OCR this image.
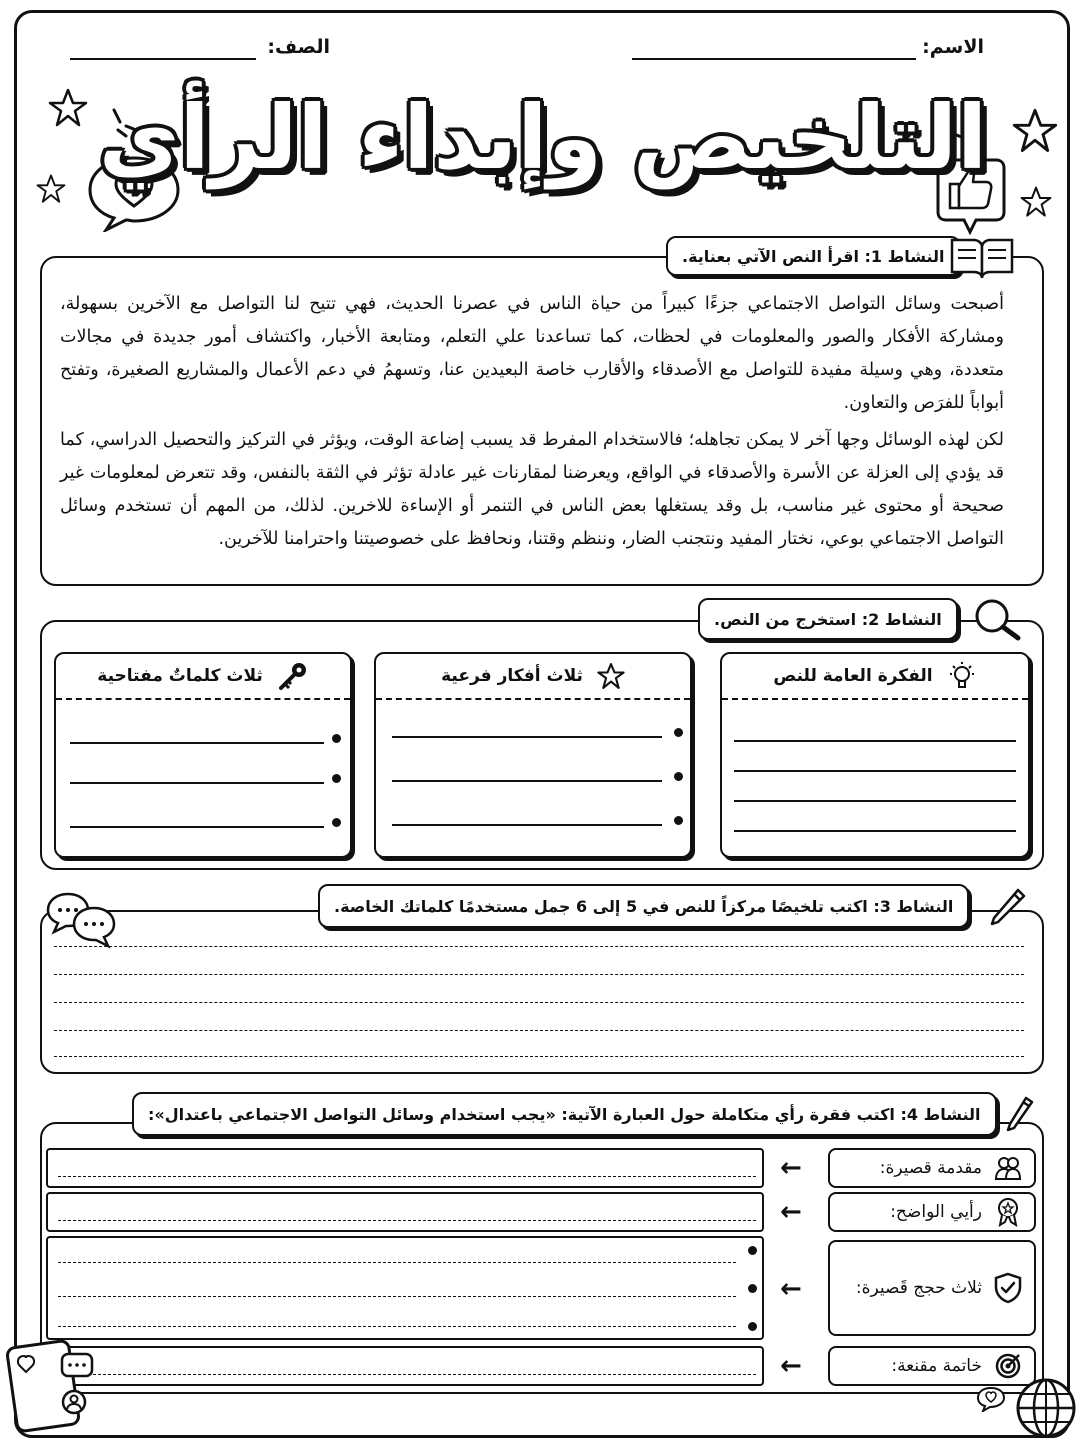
الاسم:
الصف:
التلخيص وإبداء الرأي
النشاط 1: اقرأ النص الآتي بعناية.
أصبحت وسائل التواصل الاجتماعي جزءًا كبيراً من حياة الناس في عصرنا الحديث، فهي تتيح لنا التواصل مع الآخرين بسهولة، ومشاركة الأفكار والصور والمعلومات في لحظات، كما تساعدنا علي التعلم، ومتابعة الأخبار، واكتشاف أمور جديدة في مجالات متعددة، وهي وسيلة مفيدة للتواصل مع الأصدقاء والأقارب خاصة البعيدين عنا، وتسهمُ في دعم الأعمال والمشاريع الصغيرة، وتفتح أبواباً للفرَص والتعاون.
لكن لهذه الوسائل وجها آخر لا يمكن تجاهله؛ فالاستخدام المفرط قد يسبب إضاعة الوقت، ويؤثر في التركيز والتحصيل الدراسي، كما قد يؤدي إلى العزلة عن الأسرة والأصدقاء في الواقع، ويعرضنا لمقارنات غير عادلة تؤثر في الثقة بالنفس، وقد تتعرض لمعلومات غير صحيحة أو محتوى غير مناسب، بل وقد يستغلها بعض الناس في التنمر أو الإساءة للاخرين. لذلك، من المهم أن تستخدم وسائل التواصل الاجتماعي بوعي، نختار المفيد ونتجنب الضار، وننظم وقتنا، ونحافظ على خصوصيتنا واحترامنا للآخرين.
النشاط 2: استخرج من النص.
الفكرة العامة للنص
ثلاث أفكار فرعية
ثلاث كلماتٌ مفتاحية
النشاط 3: اكتب تلخيصًا مركزاً للنص في 5 إلى 6 جمل مستخدمًا كلماتك الخاصة.
النشاط 4: اكتب فقرة رأي متكاملة حول العبارة الآتية: «يجب استخدام وسائل التواصل الاجتماعي باعتدال»:
مقدمة قصيرة:
←
رأيي الواضح:
←
ثلاث حجج قَصيرة:
←
خاتمة مقنعة:
←
